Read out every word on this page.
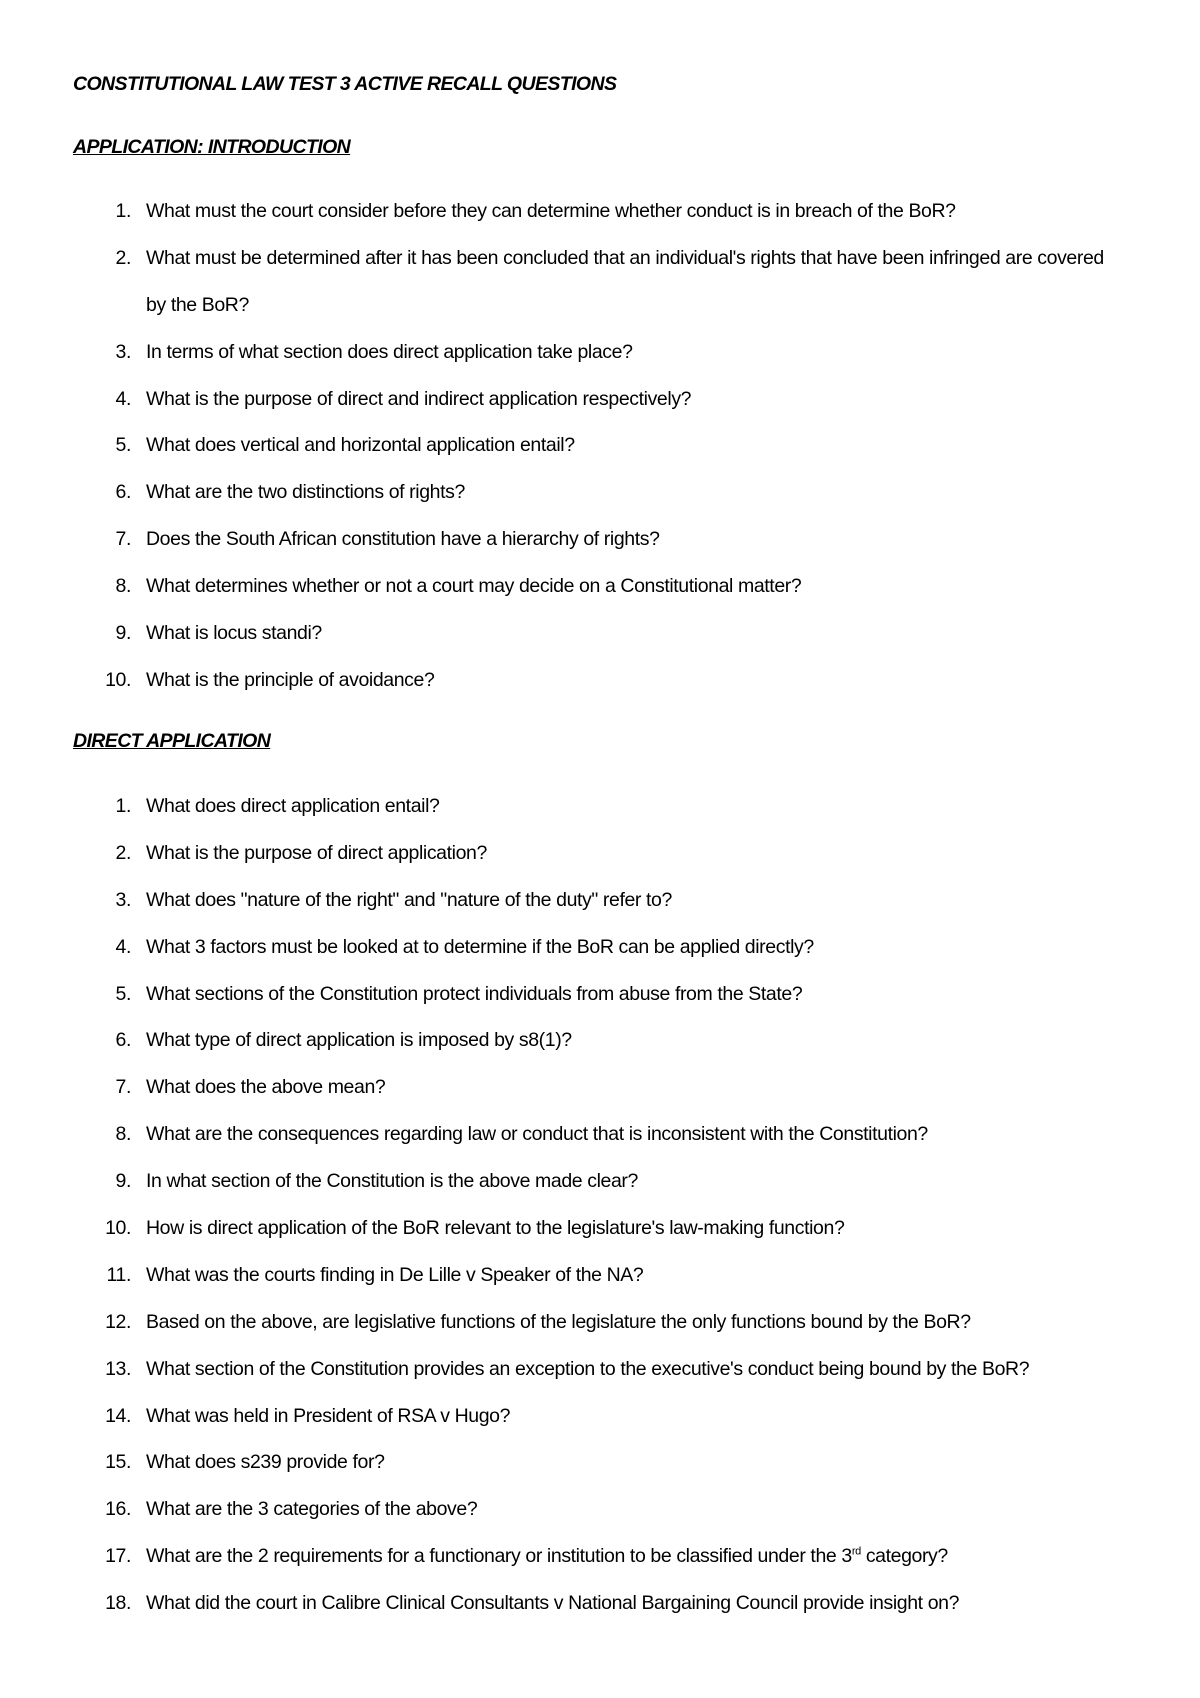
CONSTITUTIONAL LAW TEST 3 ACTIVE RECALL QUESTIONS
APPLICATION: INTRODUCTION
1. What must the court consider before they can determine whether conduct is in breach of the BoR?
2. What must be determined after it has been concluded that an individual's rights that have been infringed are covered by the BoR?
3. In terms of what section does direct application take place?
4. What is the purpose of direct and indirect application respectively?
5. What does vertical and horizontal application entail?
6. What are the two distinctions of rights?
7. Does the South African constitution have a hierarchy of rights?
8. What determines whether or not a court may decide on a Constitutional matter?
9. What is locus standi?
10. What is the principle of avoidance?
DIRECT APPLICATION
1. What does direct application entail?
2. What is the purpose of direct application?
3. What does "nature of the right" and "nature of the duty" refer to?
4. What 3 factors must be looked at to determine if the BoR can be applied directly?
5. What sections of the Constitution protect individuals from abuse from the State?
6. What type of direct application is imposed by s8(1)?
7. What does the above mean?
8. What are the consequences regarding law or conduct that is inconsistent with the Constitution?
9. In what section of the Constitution is the above made clear?
10. How is direct application of the BoR relevant to the legislature's law-making function?
11. What was the courts finding in De Lille v Speaker of the NA?
12. Based on the above, are legislative functions of the legislature the only functions bound by the BoR?
13. What section of the Constitution provides an exception to the executive's conduct being bound by the BoR?
14. What was held in President of RSA v Hugo?
15. What does s239 provide for?
16. What are the 3 categories of the above?
17. What are the 2 requirements for a functionary or institution to be classified under the 3rd category?
18. What did the court in Calibre Clinical Consultants v National Bargaining Council provide insight on?
